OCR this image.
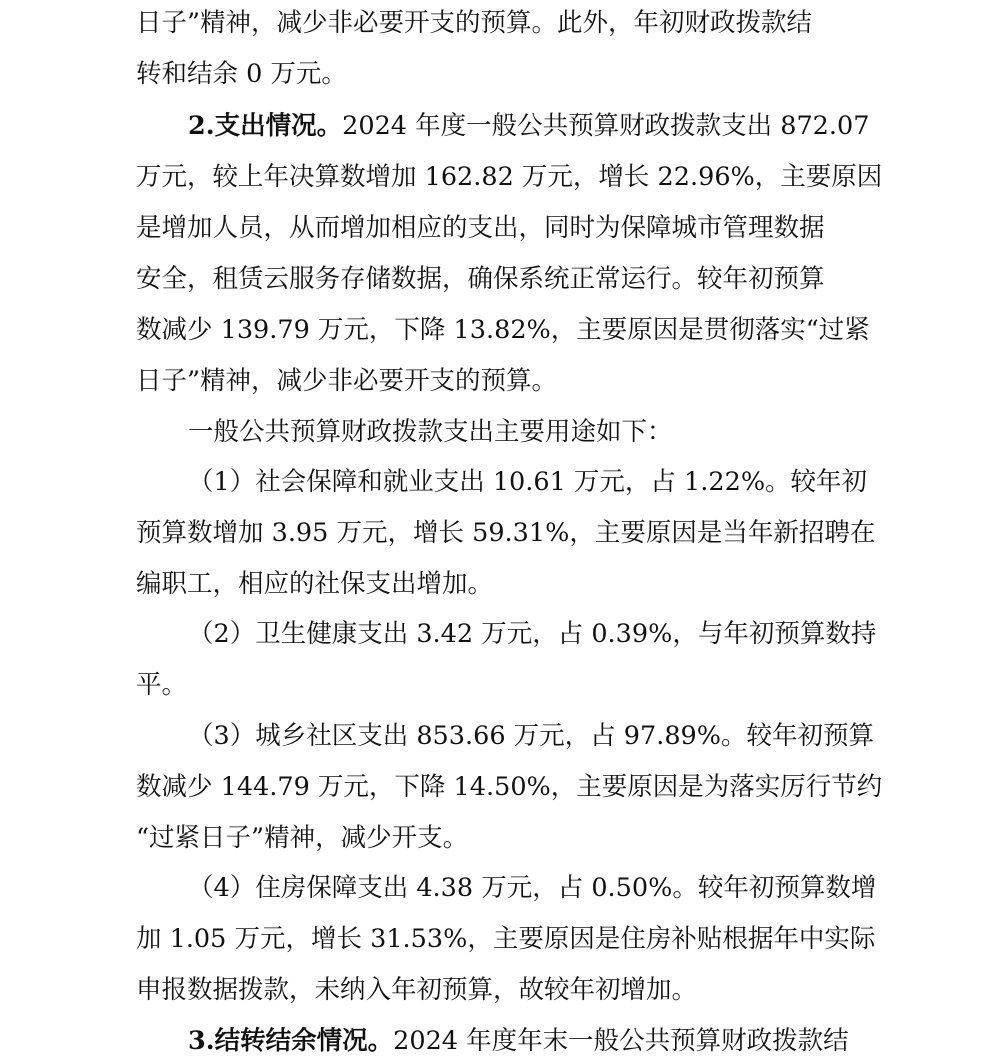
日子”精神，减少非必要开支的预算。此外，年初财政拨款结
转和结余 0 万元。
2.支出情况。2024 年度一般公共预算财政拨款支出 872.07
万元，较上年决算数增加 162.82 万元，增长 22.96%，主要原因
是增加人员，从而增加相应的支出，同时为保障城市管理数据
安全，租赁云服务存储数据，确保系统正常运行。较年初预算
数减少 139.79 万元，下降 13.82%，主要原因是贯彻落实“过紧
日子”精神，减少非必要开支的预算。
一般公共预算财政拨款支出主要用途如下：
（1）社会保障和就业支出 10.61 万元，占 1.22%。较年初
预算数增加 3.95 万元，增长 59.31%，主要原因是当年新招聘在
编职工，相应的社保支出增加。
（2）卫生健康支出 3.42 万元，占 0.39%，与年初预算数持
平。
（3）城乡社区支出 853.66 万元，占 97.89%。较年初预算
数减少 144.79 万元，下降 14.50%，主要原因是为落实厉行节约
“过紧日子”精神，减少开支。
（4）住房保障支出 4.38 万元，占 0.50%。较年初预算数增
加 1.05 万元，增长 31.53%，主要原因是住房补贴根据年中实际
申报数据拨款，未纳入年初预算，故较年初增加。
3.结转结余情况。2024 年度年末一般公共预算财政拨款结
